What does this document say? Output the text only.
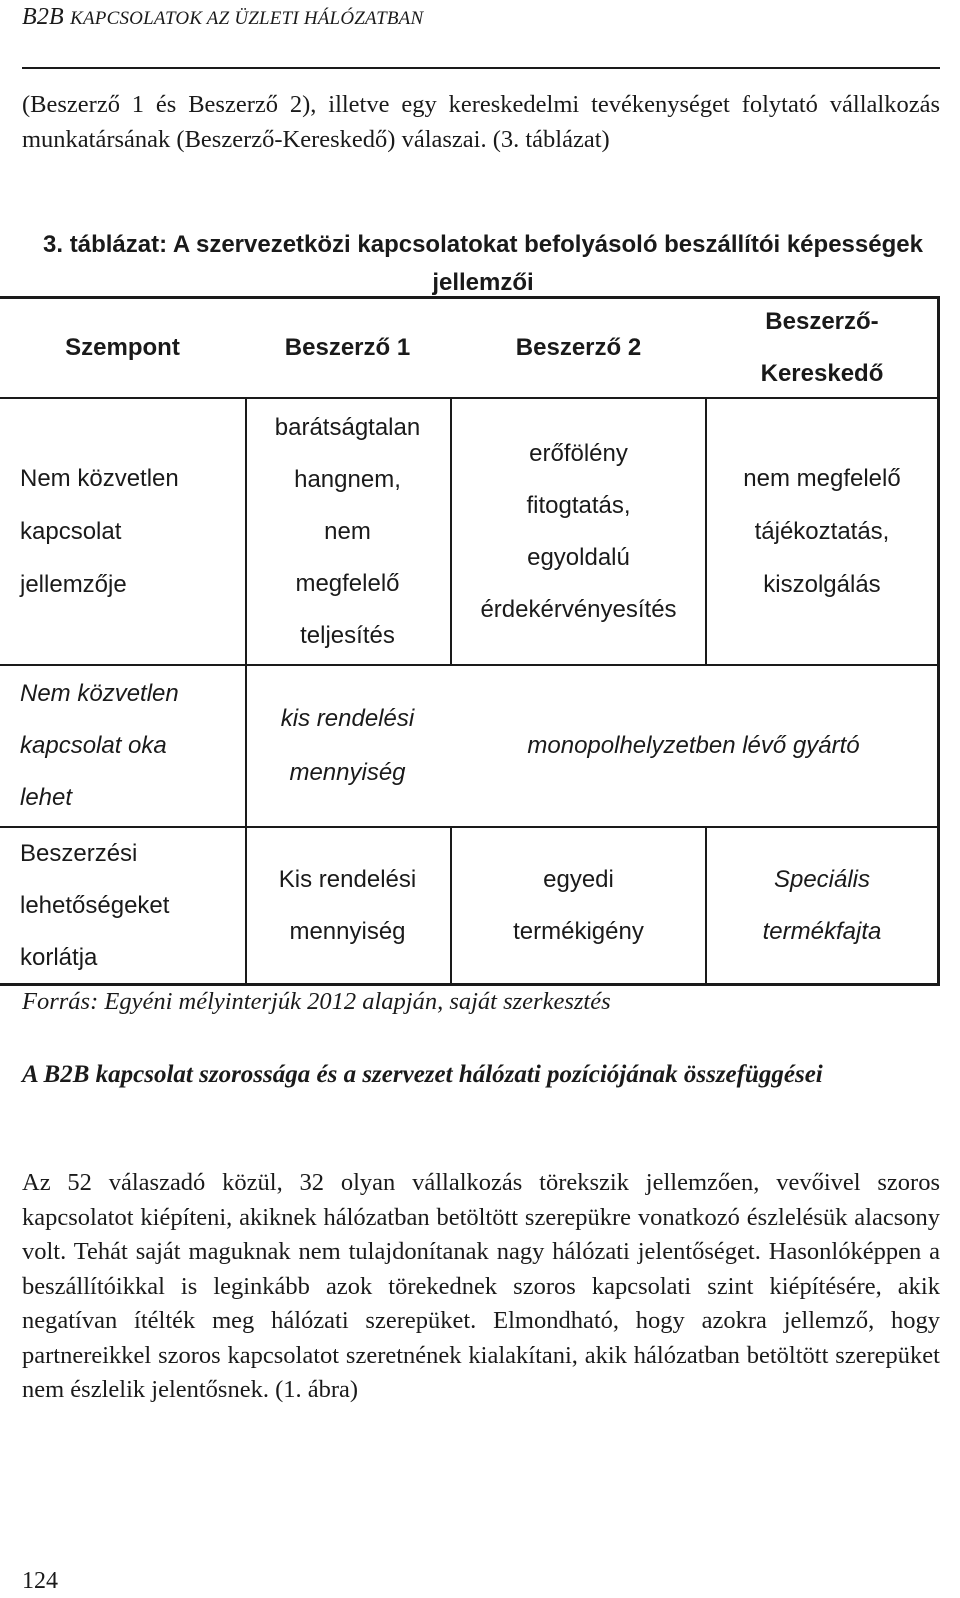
B2B KAPCSOLATOK AZ ÜZLETI HÁLÓZATBAN

(Beszerző 1 és Beszerző 2), illetve egy kereskedelmi tevékenységet folytató vállalkozás munkatársának (Beszerző-Kereskedő) válaszai. (3. táblázat)

3. táblázat: A szervezetközi kapcsolatokat befolyásoló beszállítói képességek jellemzői

Szempont	Beszerző 1	Beszerző 2
Beszerző-
Kereskedő
Nem közvetlen
kapcsolat
jellemzője
barátságtalan
hangnem,
nem
megfelelő
teljesítés
erőfölény
fitogtatás,
egyoldalú
érdekérvényesítés
nem megfelelő
tájékoztatás,
kiszolgálás
Nem közvetlen
kapcsolat oka
lehet
kis rendelési
mennyiség
monopolhelyzetben lévő gyártó
Beszerzési
lehetőségeket
korlátja
Kis rendelési
mennyiség
egyedi
termékigény
Speciális
termékfajta

Forrás: Egyéni mélyinterjúk 2012 alapján, saját szerkesztés

A B2B kapcsolat szorossága és a szervezet hálózati pozíciójának összefüggései

Az 52 válaszadó közül, 32 olyan vállalkozás törekszik jellemzően, vevőivel szoros kapcsolatot kiépíteni, akiknek hálózatban betöltött szerepükre vonatkozó észlelésük alacsony volt. Tehát saját maguknak nem tulajdonítanak nagy hálózati jelentőséget. Hasonlóképpen a beszállítóikkal is leginkább azok törekednek szoros kapcsolati szint kiépítésére, akik negatívan ítélték meg hálózati szerepüket. Elmondható, hogy azokra jellemző, hogy partnereikkel szoros kapcsolatot szeretnének kialakítani, akik hálózatban betöltött szerepüket nem észlelik jelentősnek. (1. ábra)

124
